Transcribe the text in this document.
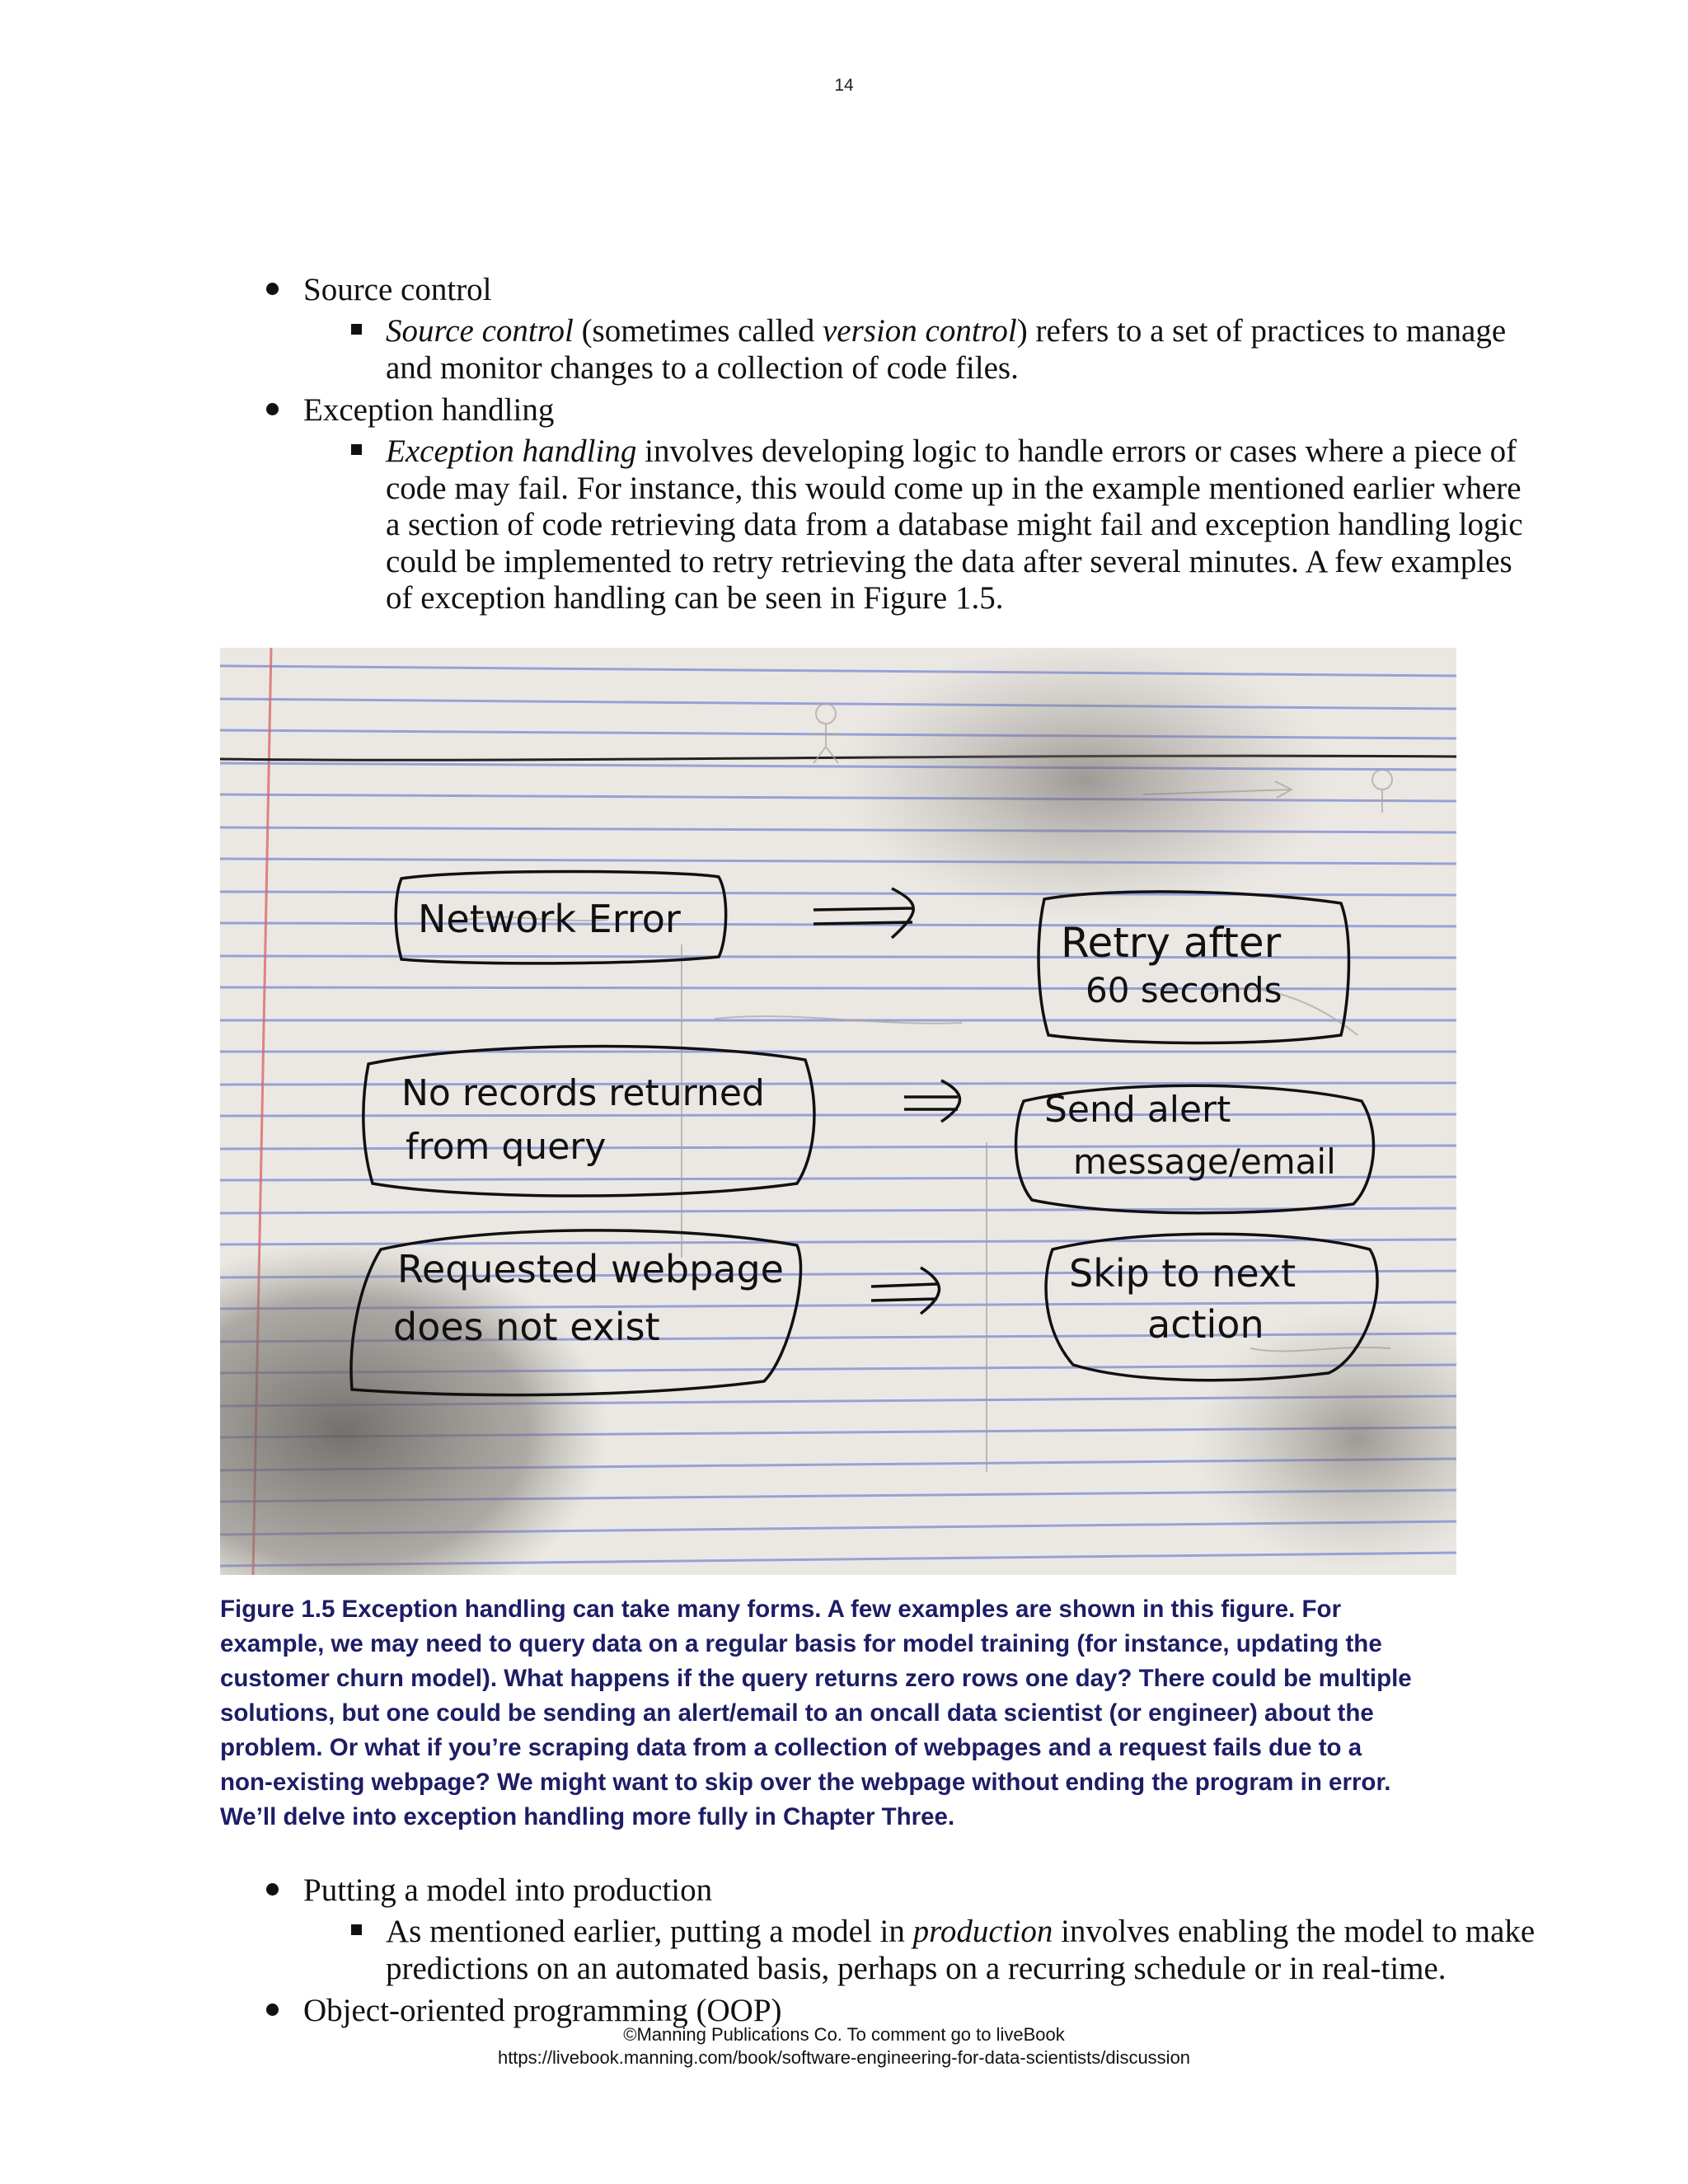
14
Source control
Source control (sometimes called version control) refers to a set of practices to manage
and monitor changes to a collection of code files.
Exception handling
Exception handling involves developing logic to handle errors or cases where a piece of
code may fail. For instance, this would come up in the example mentioned earlier where
a section of code retrieving data from a database might fail and exception handling logic
could be implemented to retry retrieving the data after several minutes. A few examples
of exception handling can be seen in Figure 1.5.
Network Error	Retry after
60 seconds
No records returned
from query
Send alert
message/email
Requested webpage
does not exist
Skip to next
action
Figure 1.5 Exception handling can take many forms. A few examples are shown in this figure. For
example, we may need to query data on a regular basis for model training (for instance, updating the
customer churn model). What happens if the query returns zero rows one day? There could be multiple
solutions, but one could be sending an alert/email to an oncall data scientist (or engineer) about the
problem. Or what if you’re scraping data from a collection of webpages and a request fails due to a
non-existing webpage? We might want to skip over the webpage without ending the program in error.
We’ll delve into exception handling more fully in Chapter Three.
Putting a model into production
As mentioned earlier, putting a model in production involves enabling the model to make
predictions on an automated basis, perhaps on a recurring schedule or in real-time.
Object-oriented programming (OOP)
©Manning Publications Co. To comment go to liveBook
https://livebook.manning.com/book/software-engineering-for-data-scientists/discussion
